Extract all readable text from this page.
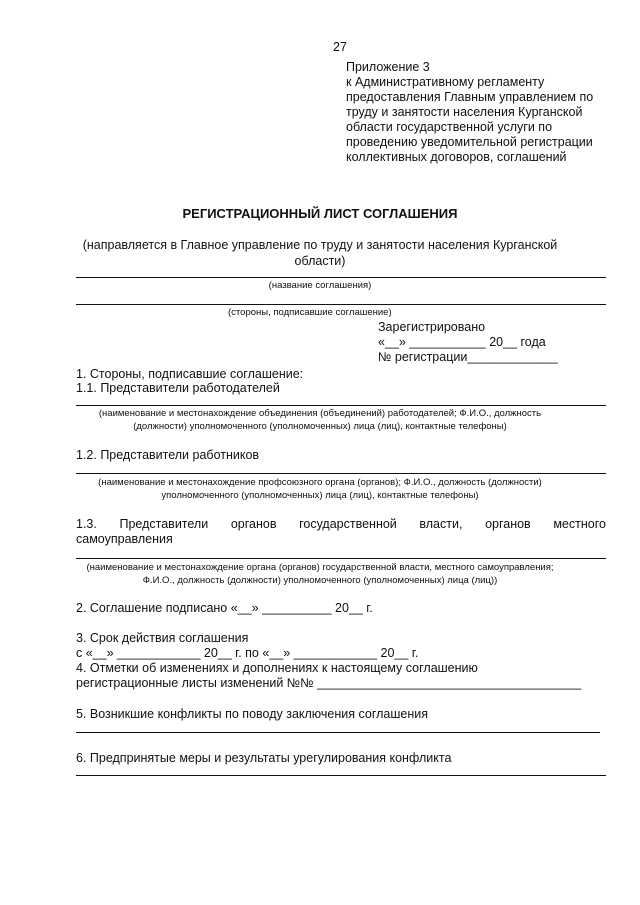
27
Приложение 3
к Административному регламенту
предоставления Главным управлением по
труду и занятости населения Курганской
области государственной услуги по
проведению уведомительной регистрации
коллективных договоров, соглашений
РЕГИСТРАЦИОННЫЙ ЛИСТ СОГЛАШЕНИЯ
(направляется в Главное управление по труду и занятости населения Курганской
области)
(название соглашения)
(стороны, подписавшие соглашение)
Зарегистрировано
«__» ___________ 20__ года
№ регистрации_____________
1. Стороны, подписавшие соглашение:
1.1. Представители работодателей
(наименование и местонахождение объединения (объединений) работодателей; Ф.И.О., должность
(должности) уполномоченного (уполномоченных) лица (лиц), контактные телефоны)
1.2. Представители работников
(наименование и местонахождение профсоюзного органа (органов); Ф.И.О., должность (должности)
уполномоченного (уполномоченных) лица (лиц), контактные телефоны)
1.3. Представители органов государственной власти, органов местного
самоуправления
(наименование и местонахождение органа (органов) государственной власти, местного самоуправления;
Ф.И.О., должность (должности) уполномоченного (уполномоченных) лица (лиц))
2. Соглашение подписано «__» __________ 20__ г.
3. Срок действия соглашения
с «__» ____________ 20__ г. по «__» ____________ 20__ г.
4. Отметки об изменениях и дополнениях к настоящему соглашению
регистрационные листы изменений №№ ______________________________________
5. Возникшие конфликты по поводу заключения соглашения
6. Предпринятые меры и результаты урегулирования конфликта
